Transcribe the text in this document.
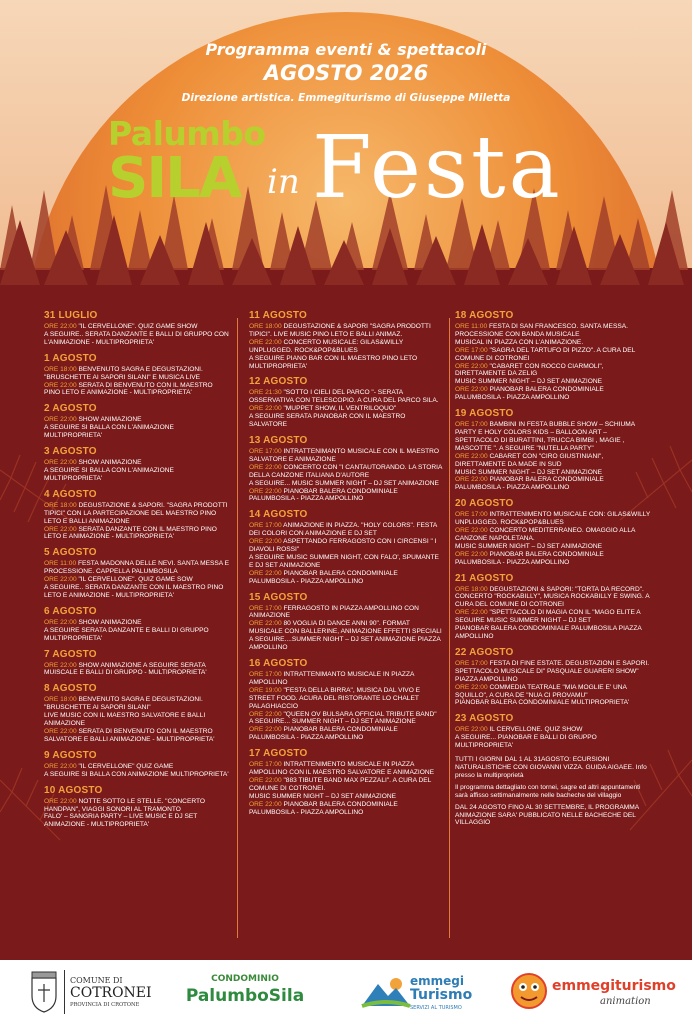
Programma eventi & spettacoli
AGOSTO 2026
Direzione artistica. Emmegiturismo di Giuseppe Miletta
Palumbo
SILA in Festa
31 LUGLIO
ORE 22:00 "IL CERVELLONE". QUIZ GAME SHOW
A SEGUIRE.. SERATA DANZANTE E BALLI DI GRUPPO CON L'ANIMAZIONE - MULTIPROPRIETA'
1 AGOSTO
ORE 18:00 BENVENUTO SAGRA E DEGUSTAZIONI. "BRUSCHETTE AI SAPORI SILANI" E MUSICA LIVE
ORE 22:00 SERATA DI BENVENUTO CON IL MAESTRO PINO LETO E ANIMAZIONE - MULTIPROPRIETA'
2 AGOSTO
ORE 22:00 SHOW ANIMAZIONE
A SEGUIRE SI BALLA CON L'ANIMAZIONE MULTIPROPRIETA'
3 AGOSTO
ORE 22:00 SHOW ANIMAZIONE
A SEGUIRE SI BALLA CON L'ANIMAZIONE MULTIPROPRIETA'
4 AGOSTO
ORE 18:00 DEGUSTAZIONE & SAPORI. "SAGRA PRODOTTI TIPICI" CON LA PARTECIPAZIONE DEL MAESTRO PINO LETO E BALLI ANIMAZIONE
ORE 22:00 SERATA DANZANTE CON IL MAESTRO PINO LETO E ANIMAZIONE - MULTIPROPRIETA'
5 AGOSTO
ORE 11:00 FESTA MADONNA DELLE NEVI. SANTA MESSA E PROCESSIONE. CAPPELLA PALUMBOSILA
ORE 22:00 "IL CERVELLONE". QUIZ GAME SOW
A SEGUIRE.. SERATA DANZANTE CON IL MAESTRO PINO LETO E ANIMAZIONE - MULTIPROPRIETA'
6 AGOSTO
ORE 22:00 SHOW ANIMAZIONE
A SEGUIRE SERATA DANZANTE E BALLI DI GRUPPO MULTIPROPRIETA'
7 AGOSTO
ORE 22:00 SHOW ANIMAZIONE A SEGUIRE SERATA MUISCALE E BALLI DI GRUPPO - MULTIPROPRIETA'
8 AGOSTO
ORE 18:00 BENVENUTO SAGRA E DEGUSTAZIONI. "BRUSCHETTE AI SAPORI SILANI"
LIVE MUSIC CON IL MAESTRO SALVATORE E BALLI ANIMAZIONE
ORE 22:00 SERATA DI BENVENUTO CON IL MAESTRO SALVATORE E BALLI ANIMAZIONE - MULTIPROPRIETA'
9 AGOSTO
ORE 22:00 "IL CERVELLONE" QUIZ GAME
A SEGUIRE SI BALLA CON ANIMAZIONE MULTIPROPRIETA'
10 AGOSTO
ORE 22:00 NOTTE SOTTO LE STELLE. "CONCERTO HANDPAN", VIAGGI SONORI AL TRAMONTO
FALO' – SANGRIA PARTY – LIVE MUSIC E DJ SET ANIMAZIONE - MULTIPROPRIETA'
11 AGOSTO
ORE 18:00 DEGUSTAZIONE & SAPORI "SAGRA PRODOTTI TIPICI". LIVE MUSIC PINO LETO E BALLI ANIMAZ.
ORE 22:00 CONCERTO MUSICALE: GILAS&WILLY UNPLUGGED. ROCK&POP&BLUES
A SEGUIRE PIANO BAR CON IL MAESTRO PINO LETO MULTIPROPRIETA'
12 AGOSTO
ORE 21:30 "SOTTO I CIELI DEL PARCO "- SERATA OSSERVATIVA CON TELESCOPIO. A CURA DEL PARCO SILA.
ORE 22:00 "MUPPET SHOW, IL VENTRILOQUO"
A SEGUIRE SERATA PIANOBAR CON IL MAESTRO SALVATORE
13 AGOSTO
ORE 17:00 INTRATTENIMANTO MUSICALE CON IL MAESTRO SALVATORE E ANIMAZIONE
ORE 22:00 CONCERTO CON "I CANTAUTORANDO. LA STORIA DELLA CANZONE ITALIANA D'AUTORE
A SEGUIRE... MUSIC SUMMER NIGHT – DJ SET ANIMAZIONE
ORE 22:00 PIANOBAR BALERA CONDOMINIALE PALUMBOSILA - PIAZZA AMPOLLINO
14 AGOSTO
ORE 17:00 ANIMAZIONE IN PIAZZA. "HOLY COLORS". FESTA DEI COLORI CON ANIMAZIONE E DJ SET
ORE 22:00 ASPETTANDO FERRAGOSTO CON I CIRCENSI " I DIAVOLI ROSSI"
A SEGUIRE MUSIC SUMMER NIGHT, CON FALO', SPUMANTE E DJ SET ANIMAZIONE
ORE 22:00 PIANOBAR BALERA CONDOMINIALE PALUMBOSILA - PIAZZA AMPOLLINO
15 AGOSTO
ORE 17:00 FERRAGOSTO IN PIAZZA AMPOLLINO CON ANIMAZIONE
ORE 22:00 80 VOGLIA DI DANCE ANNI 90". FORMAT MUSICALE CON BALLERINE, ANIMAZIONE EFFETTI SPECIALI
A SEGUIRE....SUMMER NIGHT – DJ SET ANIMAZIONE PIAZZA AMPOLLINO
16 AGOSTO
ORE 17:00 INTRATTENIMANTO MUSICALE IN PIAZZA AMPOLLINO
ORE 19:00 "FESTA DELLA BIRRA", MUSICA DAL VIVO E STREET FOOD. ACURA DEL RISTORANTE LO CHALET PALAGHIACCIO
ORE 22:00 "QUEEN OV BULSARA OFFICIAL TRIBUTE BAND"
A SEGUIRE... SUMMER NIGHT – DJ SET ANIMAZIONE
ORE 22:00 PIANOBAR BALERA CONDOMINIALE PALUMBOSILA - PIAZZA AMPOLLINO
17 AGOSTO
ORE 17:00 INTRATTENIMENTO MUSICALE IN PIAZZA AMPOLLINO CON IL MAESTRO SALVATORE E ANIMAZIONE
ORE 22:00 "883 TIBUTE BAND MAX PEZZALI". A CURA DEL COMUNE DI COTRONEI.
MUSIC SUMMER NIGHT – DJ SET ANIMAZIONE
ORE 22:00 PIANOBAR BALERA CONDOMINIALE PALUMBOSILA - PIAZZA AMPOLLINO
18 AGOSTO
ORE 11:00 FESTA DI SAN FRANCESCO. SANTA MESSA. PROCESSIONE CON BANDA MUSICALE
MUSICAL IN PIAZZA CON L'ANIMAZIONE.
ORE 17:00 "SAGRA DEL TARTUFO DI PIZZO". A CURA DEL COMUNE DI COTRONEI
ORE 22:00 "CABARET CON ROCCO CIARMOLI", DIRETTAMENTE DA ZELIG
MUSIC SUMMER NIGHT – DJ SET ANIMAZIONE
ORE 22:00 PIANOBAR BALERA CONDOMINIALE PALUMBOSILA - PIAZZA AMPOLLINO
19 AGOSTO
ORE 17:00 BAMBINI IN FESTA BUBBLE SHOW – SCHIUMA PARTY E HOLY COLORS KIDS – BALLOON ART – SPETTACOLO DI BURATTINI, TRUCCA BIMBI , MAGIE , MASCOTTE ". A SEGUIRE "NUTELLA PARTY"
ORE 22:00 CABARET CON "CIRO GIUSTINIANI", DIRETTAMENTE DA MADE IN SUD
MUSIC SUMMER NIGHT – DJ SET ANIMAZIONE
ORE 22:00 PIANOBAR BALERA CONDOMINIALE PALUMBOSILA - PIAZZA AMPOLLINO
20 AGOSTO
ORE 17:00 INTRATTENIMENTO MUSICALE CON: GILAS&WILLY UNPLUGGED. ROCK&POP&BLUES
ORE 22:00 CONCERTO MEDITERRANEO. OMAGGIO ALLA CANZONE NAPOLETANA.
MUSIC SUMMER NIGHT – DJ SET ANIMAZIONE
ORE 22:00 PIANOBAR BALERA CONDOMINIALE PALUMBOSILA - PIAZZA AMPOLLINO
21 AGOSTO
ORE 18:00 DEGUSTAZIONI & SAPORI: "TORTA DA RECORD".
CONCERTO "ROCKABILLY", MUSICA ROCKABILLY E SWING. A CURA DEL COMUNE DI COTRONEI
ORE 22:00 "SPETTACOLO DI MAGIA CON IL "MAGO ELITE A SEGUIRE MUSIC SUMMER NIGHT – DJ SET
PIANOBAR BALERA CONDOMINIALE PALUMBOSILA PIAZZA AMPOLLINO
22 AGOSTO
ORE 17:00 FESTA DI FINE ESTATE. DEGUSTAZIONI E SAPORI.
SPETTACOLO MUSICALE DI" PASQUALE GUARERI SHOW" PIAZZA AMPOLLINO
ORE 22:00 COMMEDIA TEATRALE "MIA MOGLIE E' UNA SQUILLO", A CURA DE "NUA CI PROVAMU"
PIANOBAR BALERA CONDOMINIALE MULTIPROPRIETA'
23 AGOSTO
ORE 22:00 IL CERVELLONE. QUIZ SHOW
A SEGUIRE... PIANOBAR E BALLI DI GRUPPO MULTIPROPRIETA'
TUTTI I GIORNI DAL 1 AL 31AGOSTO: ECURSIONI NATURALISTICHE CON GIOVANNI VIZZA. GUIDA AIGAEE. Info presso la multiproprietà
Il programma dettagliato con tornei, sagre ed altri appuntamenti sarà affisso settimanalmente nelle bacheche del villaggio
DAL 24 AGOSTO FINO AL 30 SETTEMBRE, IL PROGRAMMA ANIMAZIONE SARA' PUBBLICATO NELLE BACHECHE DEL VILLAGGIO
COMUNE DI
COTRONEI
PROVINCIA DI CROTONE
CONDOMINIO
PalumboSila
emmegi
Turismo
SERVIZI AL TURISMO
emmegiturismo
animation
